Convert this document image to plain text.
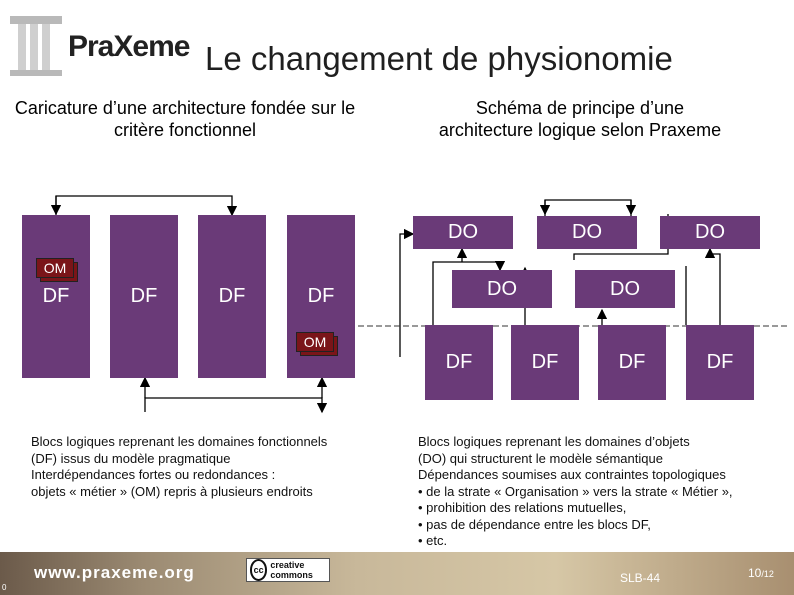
PraXeme Le changement de physionomie
Caricature d’une architecture fondée sur le critère fonctionnel
Schéma de principe d’une architecture logique selon Praxeme
DF	DF	DF	DF
OM
OM
DO	DO	DO
DO	DO
DF	DF	DF	DF
Blocs logiques reprenant les domaines fonctionnels
(DF) issus du modèle pragmatique
Interdépendances fortes ou redondances :
objets « métier » (OM) repris à plusieurs endroits
Blocs logiques reprenant les domaines d’objets
(DO) qui structurent le modèle sémantique
Dépendances soumises aux contraintes topologiques
• de la strate « Organisation » vers la strate « Métier »,
• prohibition des relations mutuelles,
• pas de dépendance entre les blocs DF,
• etc.
0
www.praxeme.org	cc creative commons	SLB-44	10/12
